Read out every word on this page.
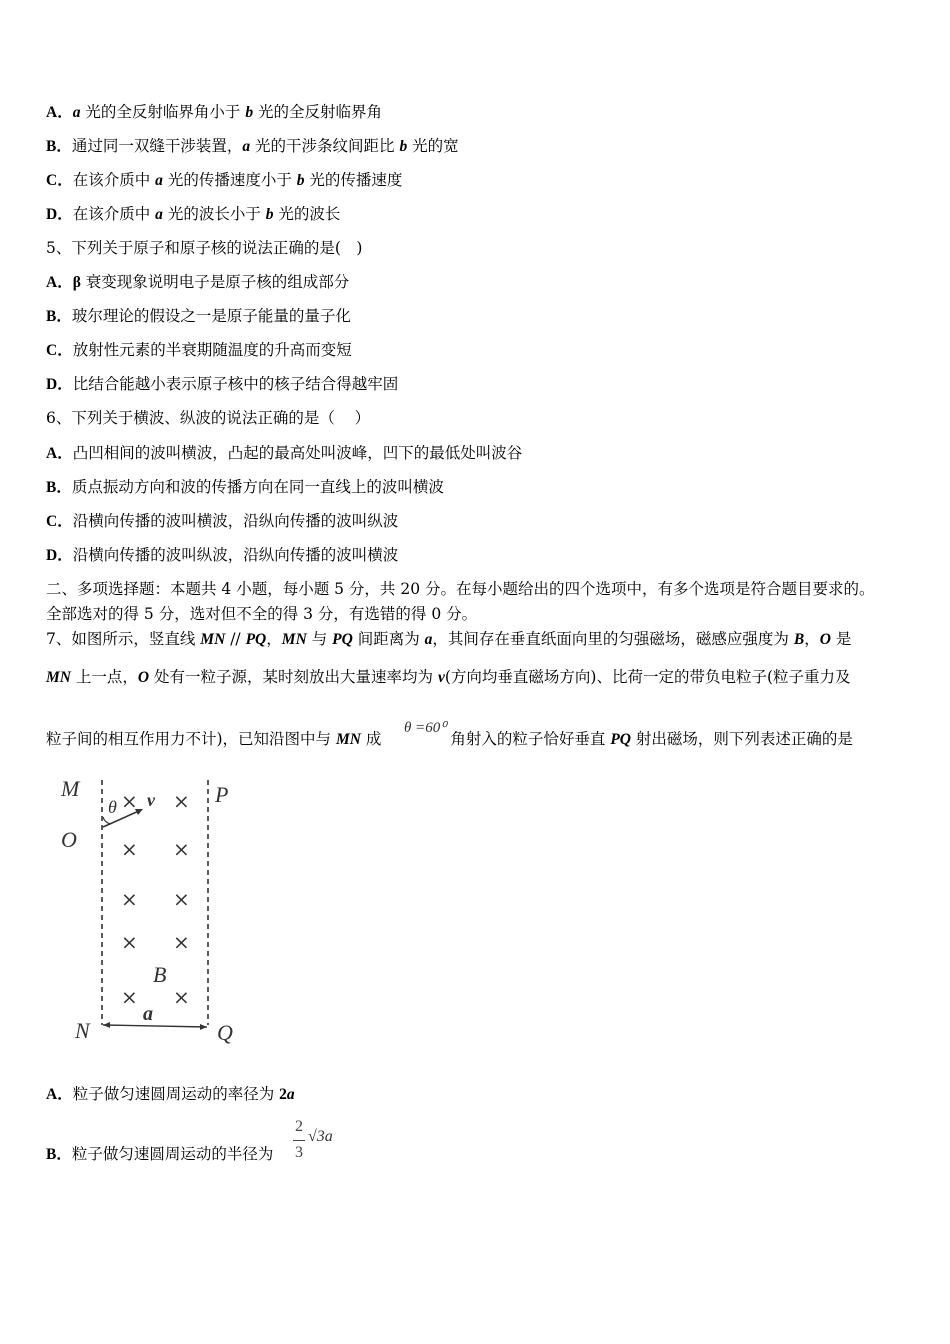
A．a 光的全反射临界角小于 b 光的全反射临界角
B．通过同一双缝干涉装置，a 光的干涉条纹间距比 b 光的宽
C．在该介质中 a 光的传播速度小于 b 光的传播速度
D．在该介质中 a 光的波长小于 b 光的波长
5、下列关于原子和原子核的说法正确的是( )
A．β 衰变现象说明电子是原子核的组成部分
B．玻尔理论的假设之一是原子能量的量子化
C．放射性元素的半衰期随温度的升高而变短
D．比结合能越小表示原子核中的核子结合得越牢固
6、下列关于横波、纵波的说法正确的是（    ）
A．凸凹相间的波叫横波，凸起的最高处叫波峰，凹下的最低处叫波谷
B．质点振动方向和波的传播方向在同一直线上的波叫横波
C．沿横向传播的波叫横波，沿纵向传播的波叫纵波
D．沿横向传播的波叫纵波，沿纵向传播的波叫横波
二、多项选择题：本题共 4 小题，每小题 5 分，共 20 分。在每小题给出的四个选项中，有多个选项是符合题目要求的。
全部选对的得 5 分，选对但不全的得 3 分，有选错的得 0 分。
7、如图所示，竖直线 MN // PQ，MN 与 PQ 间距离为 a，其间存在垂直纸面向里的匀强磁场，磁感应强度为 B，O 是
MN 上一点，O 处有一粒子源，某时刻放出大量速率均为 v(方向均垂直磁场方向)、比荷一定的带负电粒子(粒子重力及
粒子间的相互作用力不计)，已知沿图中与 MN 成	角射入的粒子恰好垂直 PQ 射出磁场，则下列表述正确的是
A．粒子做匀速圆周运动的率径为 2a
B．粒子做匀速圆周运动的半径为
θ =60⁰
2
3
√3a
× ×
× ×
× ×
× ×
× ×
M
O
N
P
Q
B
a
θ v
